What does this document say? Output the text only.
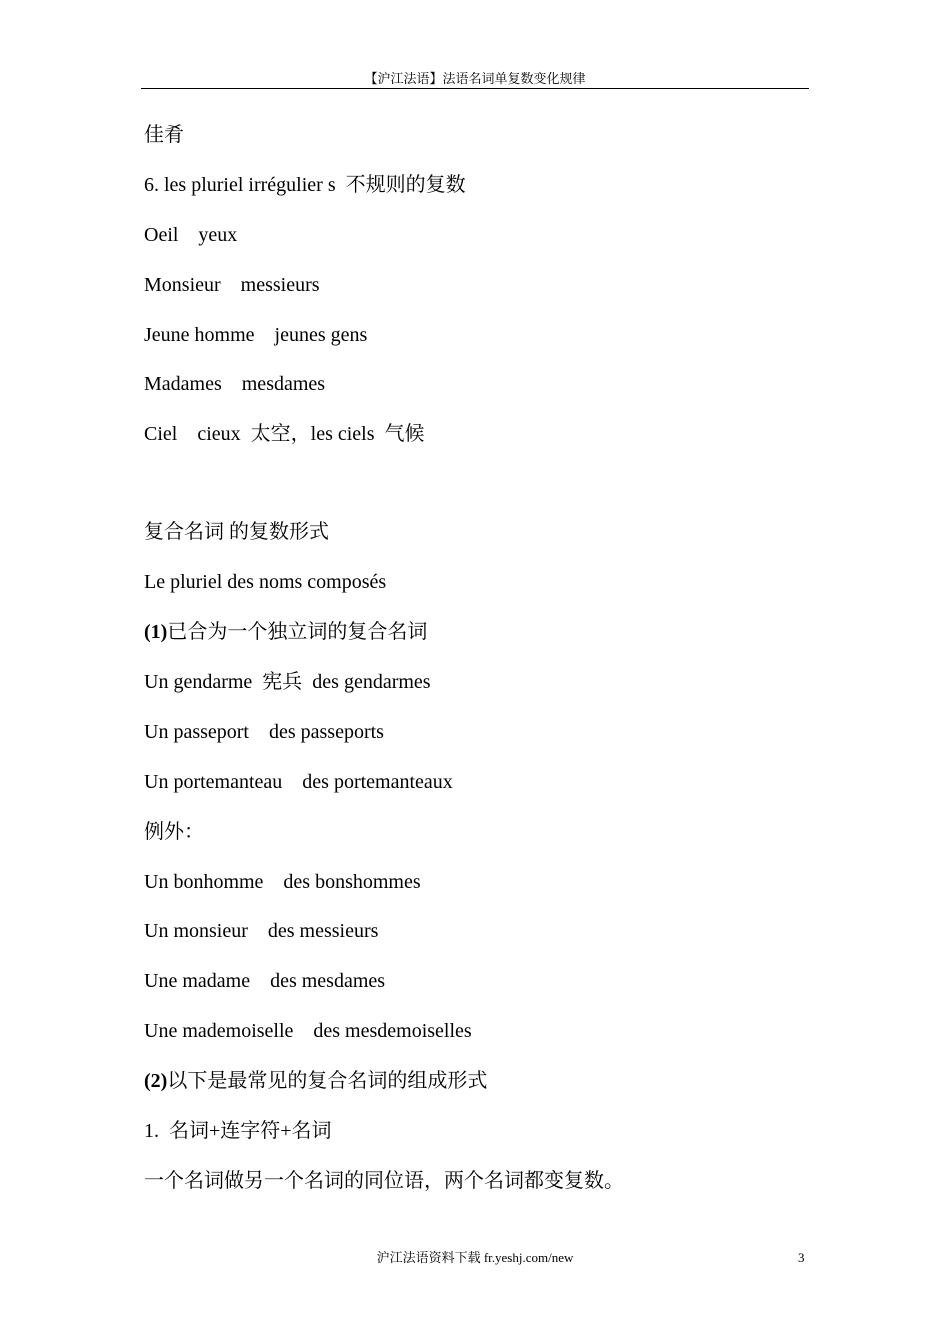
【沪江法语】法语名词单复数变化规律
佳肴
6. les pluriel irrégulier s  不规则的复数
Oeil    yeux
Monsieur    messieurs
Jeune homme    jeunes gens
Madames    mesdames
Ciel    cieux  太空，les ciels  气候
复合名词 的复数形式
Le pluriel des noms composés
(1)已合为一个独立词的复合名词
Un gendarme  宪兵  des gendarmes
Un passeport    des passeports
Un portemanteau    des portemanteaux
例外：
Un bonhomme    des bonshommes
Un monsieur    des messieurs
Une madame    des mesdames
Une mademoiselle    des mesdemoiselles
(2)以下是最常见的复合名词的组成形式
1.  名词+连字符+名词
一个名词做另一个名词的同位语，两个名词都变复数。
沪江法语资料下载 fr.yeshj.com/new	3
